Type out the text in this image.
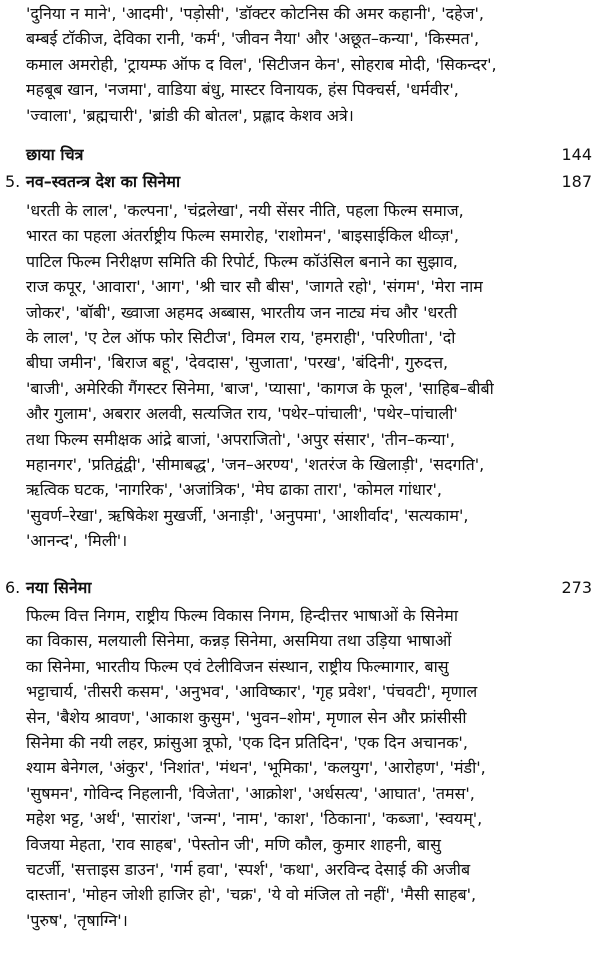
'दुनिया न माने', 'आदमी', 'पड़ोसी', 'डॉक्टर कोटनिस की अमर कहानी', 'दहेज',
बम्बई टॉकीज, देविका रानी, 'कर्म', 'जीवन नैया' और 'अछूत–कन्या', 'किस्मत',
कमाल अमरोही, 'ट्रायम्फ ऑफ द विल', 'सिटीजन केन', सोहराब मोदी, 'सिकन्दर',
महबूब खान, 'नजमा', वाडिया बंधु, मास्टर विनायक, हंस पिक्चर्स, 'धर्मवीर',
'ज्वाला', 'ब्रह्मचारी', 'ब्रांडी की बोतल', प्रह्लाद केशव अत्रे।
छाया चित्र	144
5. नव–स्वतन्त्र देश का सिनेमा	187
'धरती के लाल', 'कल्पना', 'चंद्रलेखा', नयी सेंसर नीति, पहला फिल्म समाज,
भारत का पहला अंतर्राष्ट्रीय फिल्म समारोह, 'राशोमन', 'बाइसाईकिल थीव्ज़',
पाटिल फिल्म निरीक्षण समिति की रिपोर्ट, फिल्म कॉउंसिल बनाने का सुझाव,
राज कपूर, 'आवारा', 'आग', 'श्री चार सौ बीस', 'जागते रहो', 'संगम', 'मेरा नाम
जोकर', 'बॉबी', ख्वाजा अहमद अब्बास, भारतीय जन नाट्य मंच और 'धरती
के लाल', 'ए टेल ऑफ फोर सिटीज', विमल राय, 'हमराही', 'परिणीता', 'दो
बीघा जमीन', 'बिराज बहू', 'देवदास', 'सुजाता', 'परख', 'बंदिनी', गुरुदत्त,
'बाजी', अमेरिकी गैंगस्टर सिनेमा, 'बाज', 'प्यासा', 'कागज के फूल', 'साहिब–बीबी
और गुलाम', अबरार अलवी, सत्यजित राय, 'पथेर–पांचाली', 'पथेर–पांचाली'
तथा फिल्म समीक्षक आंद्रे बाजां, 'अपराजितो', 'अपुर संसार', 'तीन–कन्या',
महानगर', 'प्रतिद्वंद्वी', 'सीमाबद्ध', 'जन–अरण्य', 'शतरंज के खिलाड़ी', 'सदगति',
ऋत्विक घटक, 'नागरिक', 'अजांत्रिक', 'मेघ ढाका तारा', 'कोमल गांधार',
'सुवर्ण–रेखा', ऋषिकेश मुखर्जी, 'अनाड़ी', 'अनुपमा', 'आशीर्वाद', 'सत्यकाम',
'आनन्द', 'मिली'।
6. नया सिनेमा	273
फिल्म वित्त निगम, राष्ट्रीय फिल्म विकास निगम, हिन्दीत्तर भाषाओं के सिनेमा
का विकास, मलयाली सिनेमा, कन्नड़ सिनेमा, असमिया तथा उड़िया भाषाओं
का सिनेमा, भारतीय फिल्म एवं टेलीविजन संस्थान, राष्ट्रीय फिल्मागार, बासु
भट्टाचार्य, 'तीसरी कसम', 'अनुभव', 'आविष्कार', 'गृह प्रवेश', 'पंचवटी', मृणाल
सेन, 'बैशेय श्रावण', 'आकाश कुसुम', 'भुवन–शोम', मृणाल सेन और फ्रांसीसी
सिनेमा की नयी लहर, फ्रांसुआ त्रूफो, 'एक दिन प्रतिदिन', 'एक दिन अचानक',
श्याम बेनेगल, 'अंकुर', 'निशांत', 'मंथन', 'भूमिका', 'कलयुग', 'आरोहण', 'मंडी',
'सुषमन', गोविन्द निहलानी, 'विजेता', 'आक्रोश', 'अर्धसत्य', 'आघात', 'तमस',
महेश भट्ट, 'अर्थ', 'सारांश', 'जन्म', 'नाम', 'काश', 'ठिकाना', 'कब्जा', 'स्वयम्',
विजया मेहता, 'राव साहब', 'पेस्तोन जी', मणि कौल, कुमार शाहनी, बासु
चटर्जी, 'सत्ताइस डाउन', 'गर्म हवा', 'स्पर्श', 'कथा', अरविन्द देसाई की अजीब
दास्तान', 'मोहन जोशी हाजिर हो', 'चक्र', 'ये वो मंजिल तो नहीं', 'मैसी साहब',
'पुरुष', 'तृषाग्नि'।
